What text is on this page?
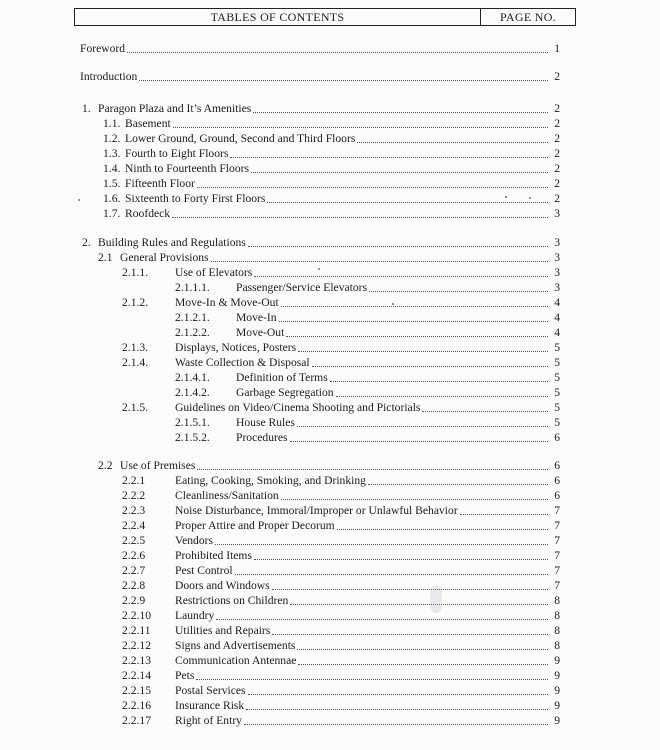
TABLES OF CONTENTS	PAGE NO.
Foreword	1
Introduction	2
1. Paragon Plaza and It’s Amenities	2
1.1. Basement	2
1.2. Lower Ground, Ground, Second and Third Floors	2
1.3. Fourth to Eight Floors	2
1.4. Ninth to Fourteenth Floors	2
1.5. Fifteenth Floor	2
1.6. Sixteenth to Forty First Floors	2
1.7. Roofdeck	3
2. Building Rules and Regulations	3
2.1 General Provisions	3
2.1.1. Use of Elevators	3
2.1.1.1. Passenger/Service Elevators	3
2.1.2. Move-In & Move-Out	4
2.1.2.1. Move-In	4
2.1.2.2. Move-Out	4
2.1.3. Displays, Notices, Posters	5
2.1.4. Waste Collection & Disposal	5
2.1.4.1. Definition of Terms	5
2.1.4.2. Garbage Segregation	5
2.1.5. Guidelines on Video/Cinema Shooting and Pictorials	5
2.1.5.1. House Rules	5
2.1.5.2. Procedures	6
2.2 Use of Premises	6
2.2.1	Eating, Cooking, Smoking, and Drinking	6
2.2.2	Cleanliness/Sanitation	6
2.2.3	Noise Disturbance, Immoral/Improper or Unlawful Behavior	7
2.2.4	Proper Attire and Proper Decorum	7
2.2.5	Vendors	7
2.2.6	Prohibited Items	7
2.2.7	Pest Control	7
2.2.8	Doors and Windows	7
2.2.9	Restrictions on Children	8
2.2.10 Laundry	8
2.2.11 Utilities and Repairs	8
2.2.12 Signs and Advertisements	8
2.2.13 Communication Antennae	9
2.2.14 Pets	9
2.2.15 Postal Services	9
2.2.16 Insurance Risk	9
2.2.17 Right of Entry	9
